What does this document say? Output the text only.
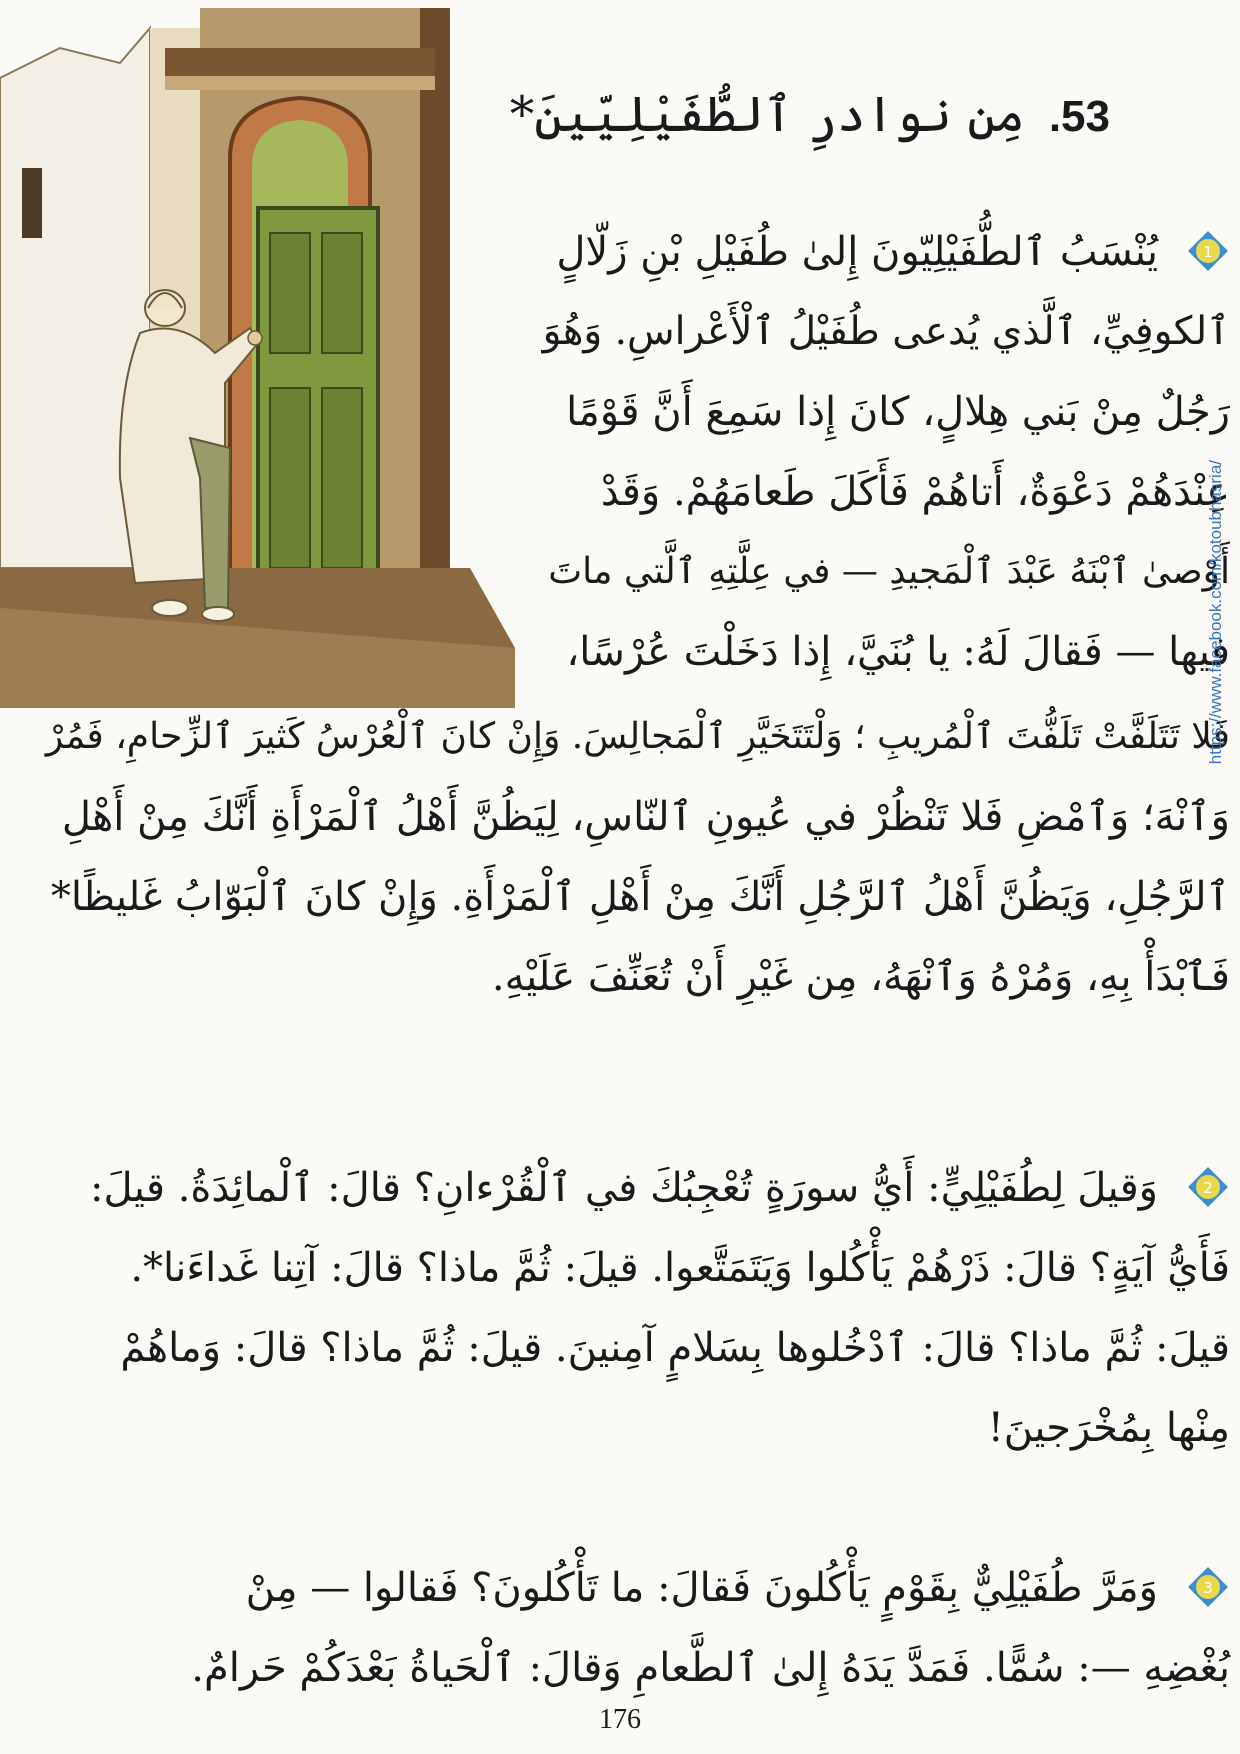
53.مِن نوادرِ ٱلطُّفَيْلِيّينَ*
1
يُنْسَبُ ٱلطُّفَيْلِيّونَ إِلىٰ طُفَيْلِ بْنِ زَلّالٍ
ٱلكوفِيِّ، ٱلَّذي يُدعى طُفَيْلُ ٱلْأَعْراسِ. وَهُوَ
رَجُلٌ مِنْ بَني هِلالٍ، كانَ إِذا سَمِعَ أَنَّ قَوْمًا
عِنْدَهُمْ دَعْوَةٌ، أَتاهُمْ فَأَكَلَ طَعامَهُمْ. وَقَدْ
أَوْصىٰ ٱبْنَهُ عَبْدَ ٱلْمَجيدِ — في عِلَّتِهِ ٱلَّتي ماتَ
فيها — فَقالَ لَهُ: يا بُنَيَّ، إِذا دَخَلْتَ عُرْسًا،
فَلا تَتَلَفَّتْ تَلَفُّتَ ٱلْمُريبِ ؛ وَلْتَتَخَيَّرِ ٱلْمَجالِسَ. وَإِنْ كانَ ٱلْعُرْسُ كَثيرَ ٱلزِّحامِ، فَمُرْ
وَٱنْهَ؛ وَٱمْضِ فَلا تَنْظُرْ في عُيونِ ٱلنّاسِ، لِيَظُنَّ أَهْلُ ٱلْمَرْأَةِ أَنَّكَ مِنْ أَهْلِ
ٱلرَّجُلِ، وَيَظُنَّ أَهْلُ ٱلرَّجُلِ أَنَّكَ مِنْ أَهْلِ ٱلْمَرْأَةِ. وَإِنْ كانَ ٱلْبَوّابُ غَليظًا*
فَٱبْدَأْ بِهِ، وَمُرْهُ وَٱنْهَهُ، مِن غَيْرِ أَنْ تُعَنِّفَ عَلَيْهِ.
2
وَقيلَ لِطُفَيْلِيٍّ: أَيُّ سورَةٍ تُعْجِبُكَ في ٱلْقُرْءانِ؟ قالَ: ٱلْمائِدَةُ. قيلَ:
فَأَيُّ آيَةٍ؟ قالَ: ذَرْهُمْ يَأْكُلوا وَيَتَمَتَّعوا. قيلَ: ثُمَّ ماذا؟ قالَ: آتِنا غَداءَنا*.
قيلَ: ثُمَّ ماذا؟ قالَ: ٱدْخُلوها بِسَلامٍ آمِنينَ. قيلَ: ثُمَّ ماذا؟ قالَ: وَماهُمْ
مِنْها بِمُخْرَجينَ!
3
وَمَرَّ طُفَيْلِيٌّ بِقَوْمٍ يَأْكُلونَ فَقالَ: ما تَأْكُلونَ؟ فَقالوا — مِنْ
بُغْضِهِ —: سُمًّا. فَمَدَّ يَدَهُ إِلىٰ ٱلطَّعامِ وَقالَ: ٱلْحَياةُ بَعْدَكُمْ حَرامٌ.
https://www.facebook.com/kotoubhasria/
176
